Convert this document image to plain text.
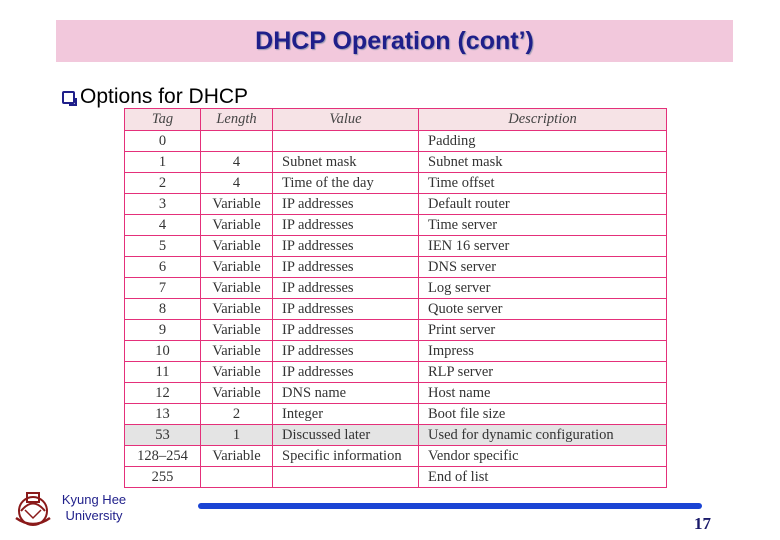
DHCP Operation (cont’)
Options for DHCP
Tag	Length	Value	Description
0			Padding
1	4	Subnet mask	Subnet mask
2	4	Time of the day	Time offset
3	Variable	IP addresses	Default router
4	Variable	IP addresses	Time server
5	Variable	IP addresses	IEN 16 server
6	Variable	IP addresses	DNS server
7	Variable	IP addresses	Log server
8	Variable	IP addresses	Quote server
9	Variable	IP addresses	Print server
10	Variable	IP addresses	Impress
11	Variable	IP addresses	RLP server
12	Variable	DNS name	Host name
13	2	Integer	Boot file size
53	1	Discussed later	Used for dynamic configuration
128–254	Variable	Specific information	Vendor specific
255			End of list
Kyung Hee
University	17
